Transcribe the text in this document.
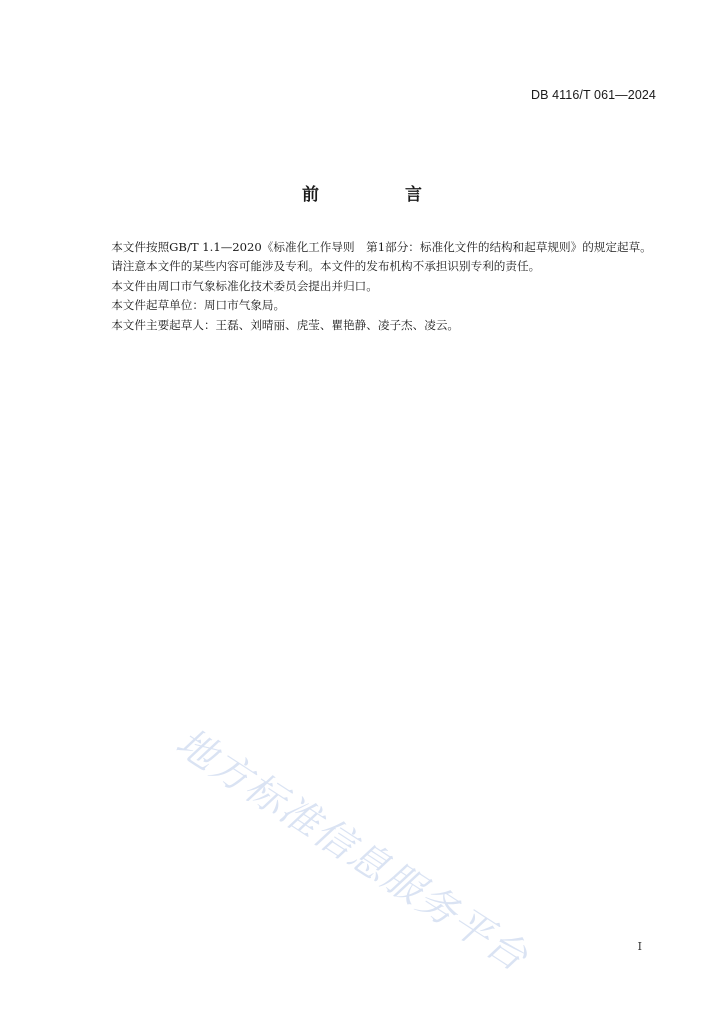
DB 4116/T 061—2024
前 言

本文件按照GB/T 1.1—2020《标准化工作导则　第1部分：标准化文件的结构和起草规则》的规定起草。

请注意本文件的某些内容可能涉及专利。本文件的发布机构不承担识别专利的责任。

本文件由周口市气象标准化技术委员会提出并归口。

本文件起草单位：周口市气象局。

本文件主要起草人：王磊、刘晴丽、虎莹、瞿艳静、凌子杰、凌云。

地方标准信息服务平台	I
